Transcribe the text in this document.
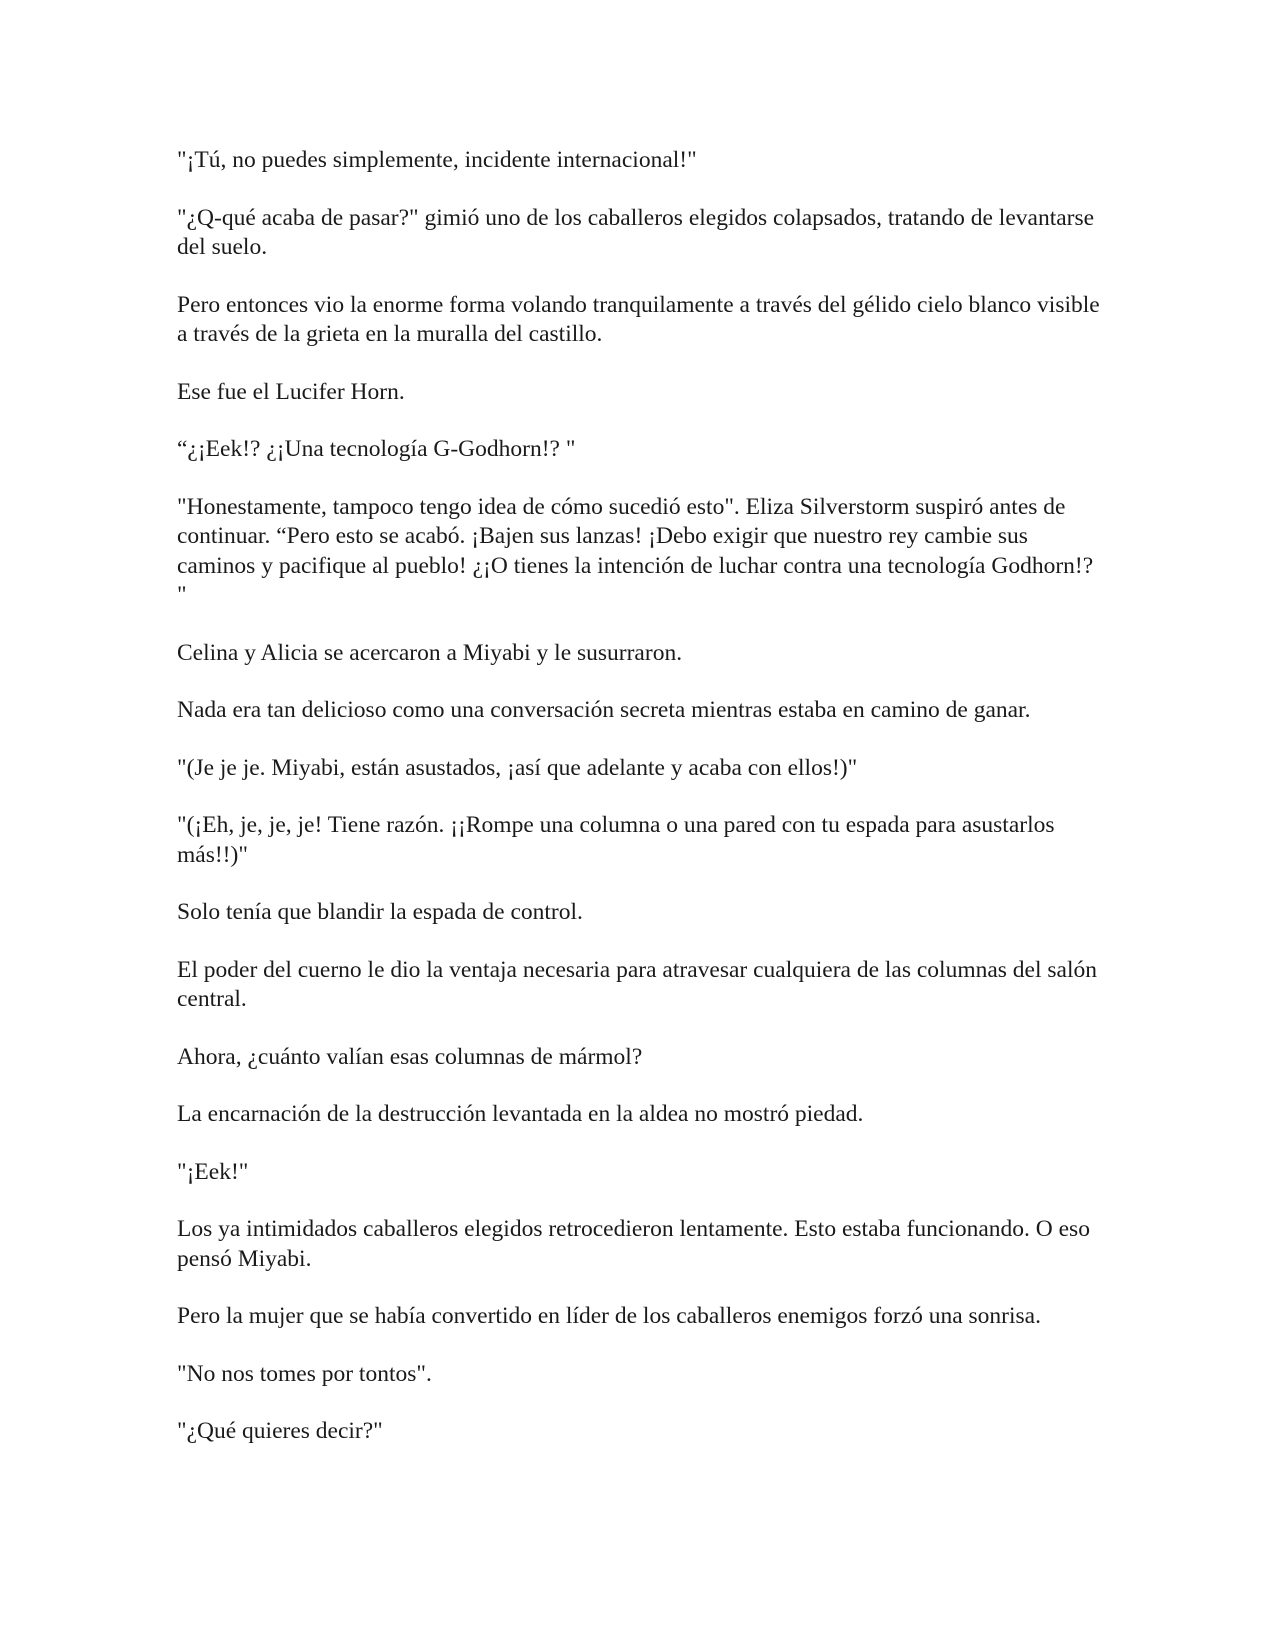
"¡Tú, no puedes simplemente, incidente internacional!"

"¿Q-qué acaba de pasar?" gimió uno de los caballeros elegidos colapsados, tratando de levantarse del suelo.

Pero entonces vio la enorme forma volando tranquilamente a través del gélido cielo blanco visible a través de la grieta en la muralla del castillo.

Ese fue el Lucifer Horn.

“¿¡Eek!? ¿¡Una tecnología G-Godhorn!? "

"Honestamente, tampoco tengo idea de cómo sucedió esto". Eliza Silverstorm suspiró antes de continuar. “Pero esto se acabó. ¡Bajen sus lanzas! ¡Debo exigir que nuestro rey cambie sus caminos y pacifique al pueblo! ¿¡O tienes la intención de luchar contra una tecnología Godhorn!? "

Celina y Alicia se acercaron a Miyabi y le susurraron.

Nada era tan delicioso como una conversación secreta mientras estaba en camino de ganar.

"(Je je je. Miyabi, están asustados, ¡así que adelante y acaba con ellos!)"

"(¡Eh, je, je, je! Tiene razón. ¡¡Rompe una columna o una pared con tu espada para asustarlos más!!)"

Solo tenía que blandir la espada de control.

El poder del cuerno le dio la ventaja necesaria para atravesar cualquiera de las columnas del salón central.

Ahora, ¿cuánto valían esas columnas de mármol?

La encarnación de la destrucción levantada en la aldea no mostró piedad.

"¡Eek!"

Los ya intimidados caballeros elegidos retrocedieron lentamente. Esto estaba funcionando. O eso pensó Miyabi.

Pero la mujer que se había convertido en líder de los caballeros enemigos forzó una sonrisa.

"No nos tomes por tontos".

"¿Qué quieres decir?"
